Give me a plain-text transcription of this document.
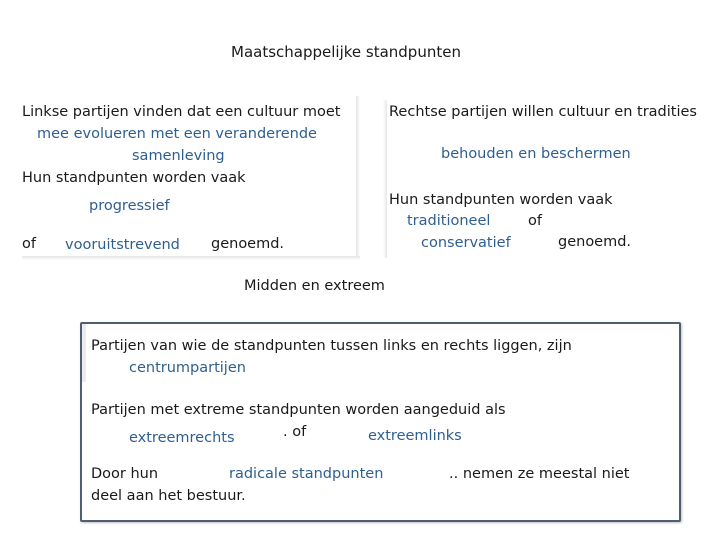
Maatschappelijke standpunten
Linkse partijen vinden dat een cultuur moet
mee evolueren met een veranderende
samenleving
Hun standpunten worden vaak
progressief
of vooruitstrevend genoemd.
Rechtse partijen willen cultuur en tradities
behouden en beschermen
Hun standpunten worden vaak
traditioneel	of
conservatief	genoemd.
Midden en extreem
Partijen van wie de standpunten tussen links en rechts liggen, zijn
centrumpartijen
Partijen met extreme standpunten worden aangeduid als
extreemrechts	. of	extreemlinks
Door hun	radicale standpunten	.. nemen ze meestal niet
deel aan het bestuur.
